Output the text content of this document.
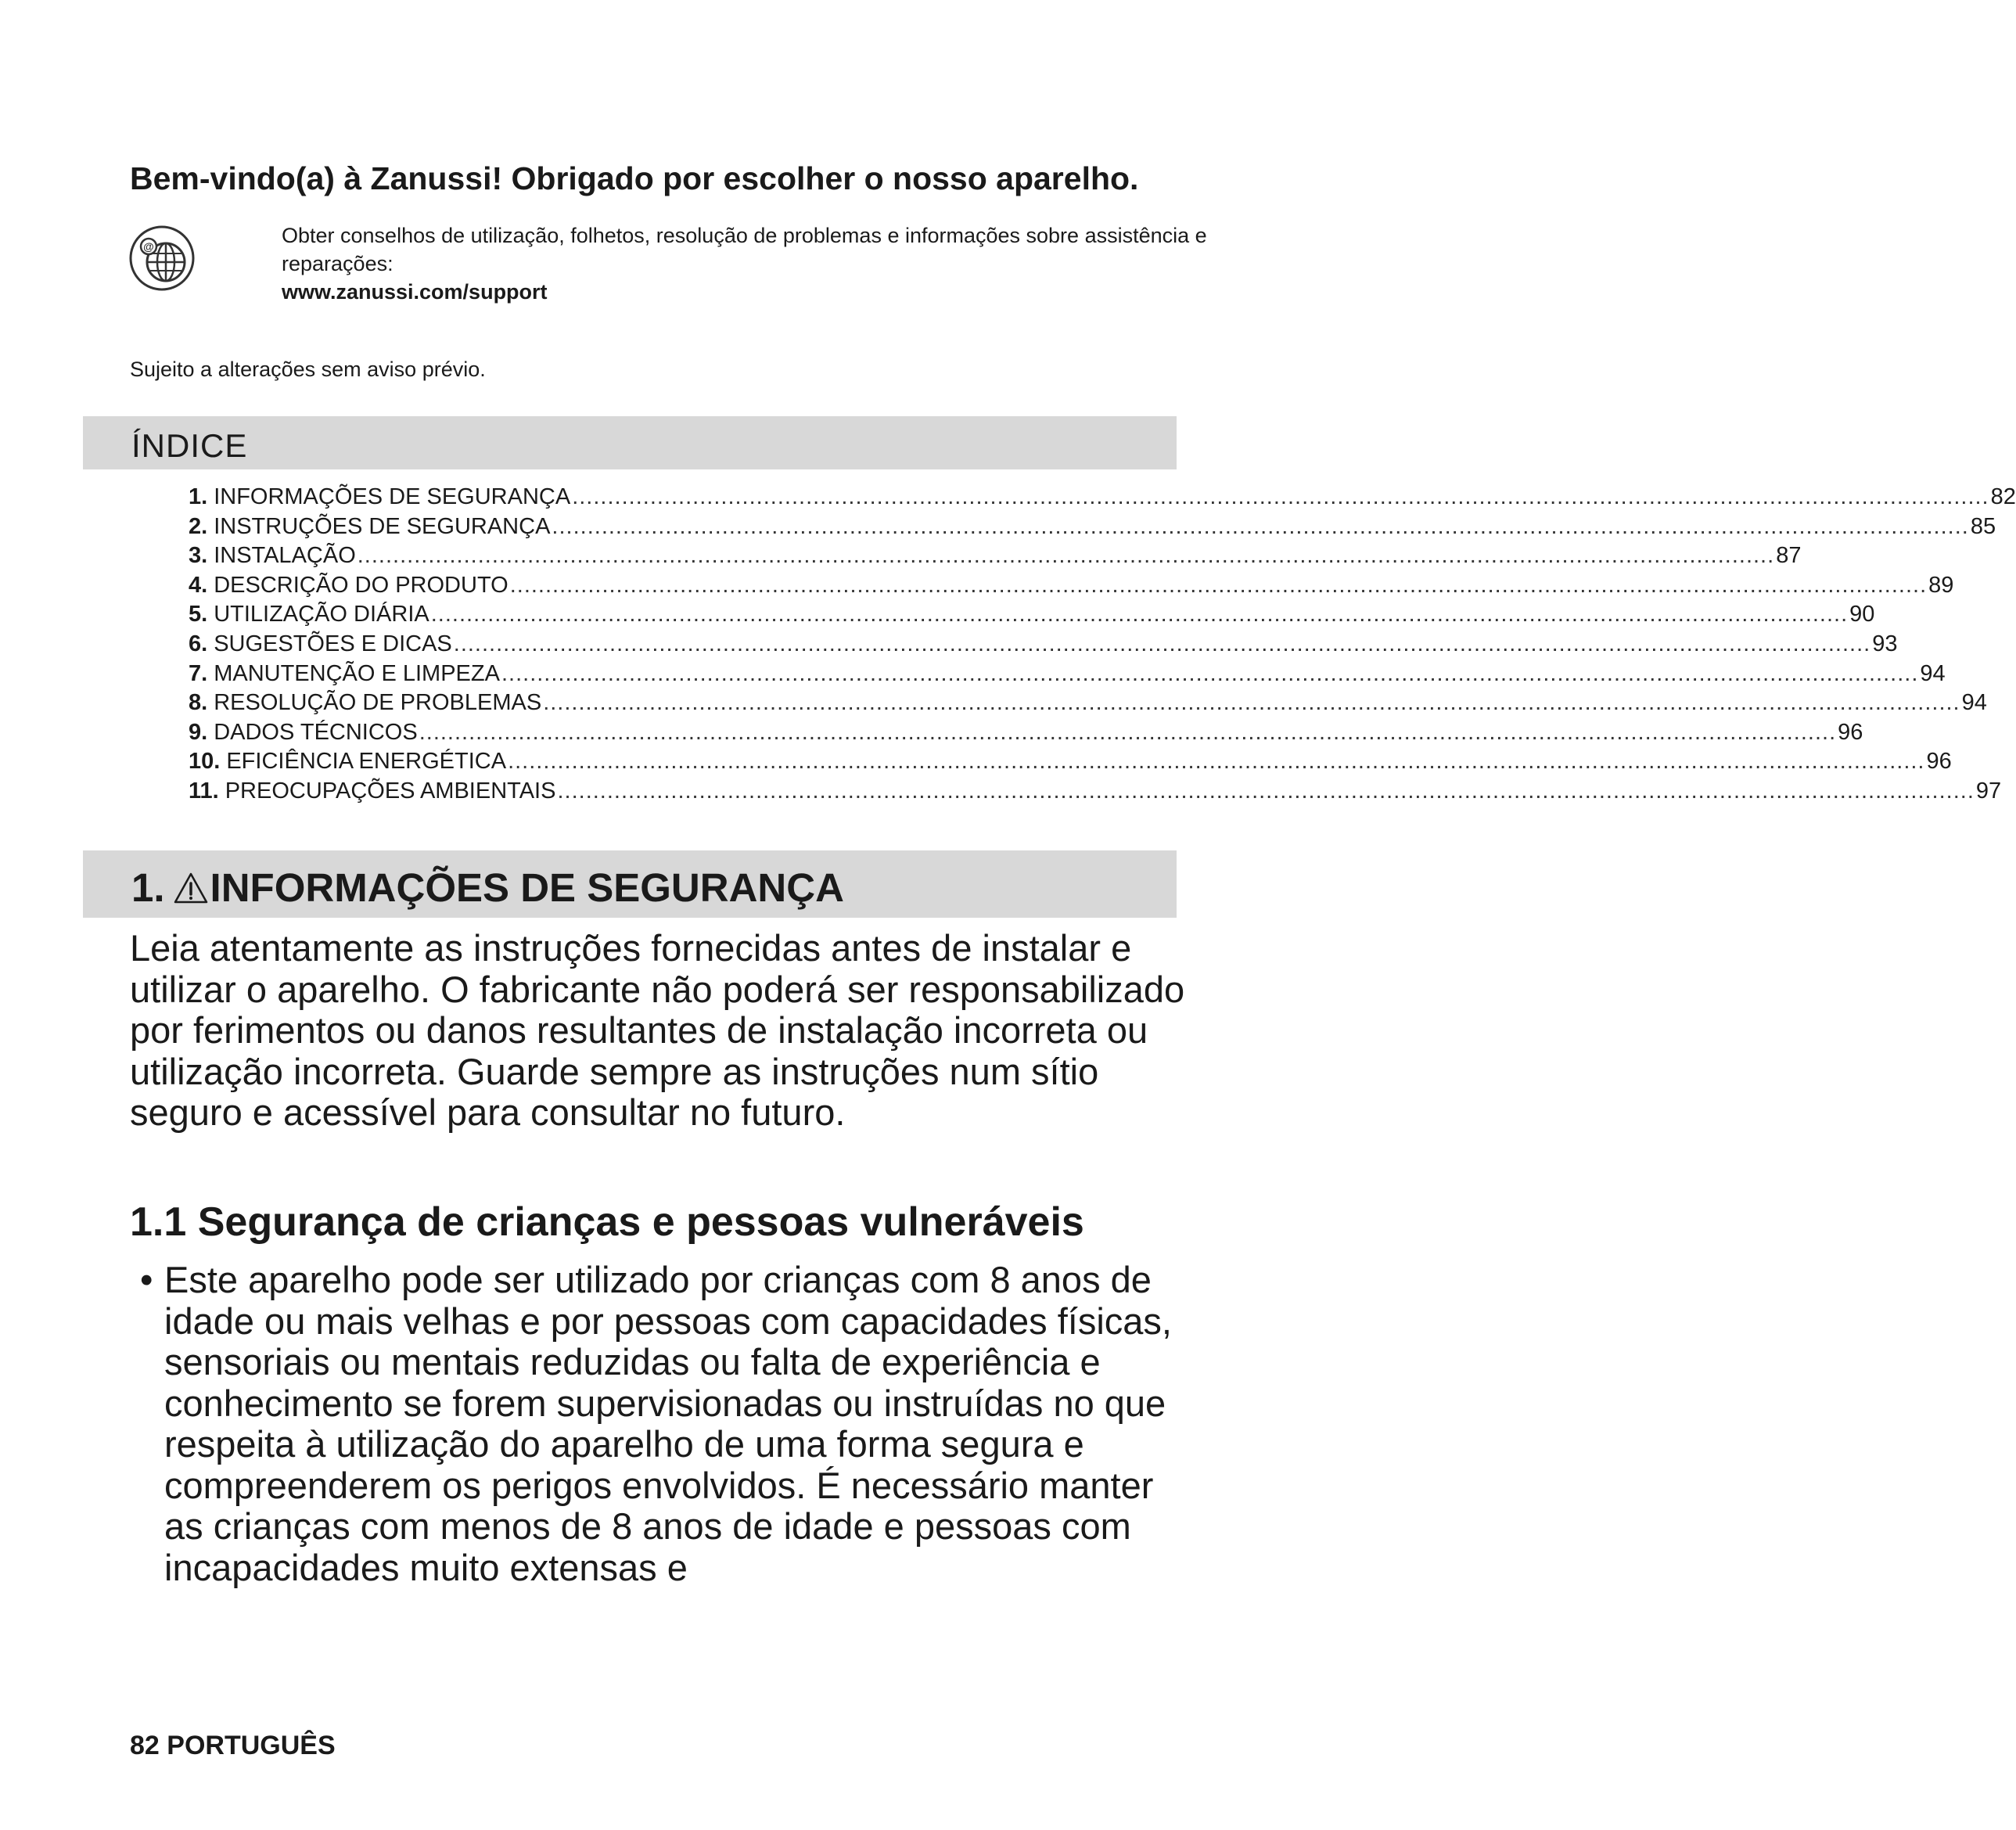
Bem-vindo(a) à Zanussi! Obrigado por escolher o nosso aparelho.
@	Obter conselhos de utilização, folhetos, resolução de problemas e informações sobre assistência e reparações:
www.zanussi.com/support
Sujeito a alterações sem aviso prévio.
ÍNDICE
1. INFORMAÇÕES DE SEGURANÇA ........................................................................................................................................................................................................ 82
2. INSTRUÇÕES DE SEGURANÇA ........................................................................................................................................................................................................ 85
3. INSTALAÇÃO ........................................................................................................................................................................................................ 87
4. DESCRIÇÃO DO PRODUTO ........................................................................................................................................................................................................ 89
5. UTILIZAÇÃO DIÁRIA ........................................................................................................................................................................................................ 90
6. SUGESTÕES E DICAS ........................................................................................................................................................................................................ 93
7. MANUTENÇÃO E LIMPEZA ........................................................................................................................................................................................................ 94
8. RESOLUÇÃO DE PROBLEMAS ........................................................................................................................................................................................................ 94
9. DADOS TÉCNICOS ........................................................................................................................................................................................................ 96
10. EFICIÊNCIA ENERGÉTICA ........................................................................................................................................................................................................ 96
11. PREOCUPAÇÕES AMBIENTAIS ........................................................................................................................................................................................................ 97
1. INFORMAÇÕES DE SEGURANÇA

Leia atentamente as instruções fornecidas antes de instalar e utilizar o aparelho. O fabricante não poderá ser responsabilizado por ferimentos ou danos resultantes de instalação incorreta ou utilização incorreta. Guarde sempre as instruções num sítio seguro e acessível para consultar no futuro.

1.1 Segurança de crianças e pessoas vulneráveis
• Este aparelho pode ser utilizado por crianças com 8 anos de idade ou mais velhas e por pessoas com capacidades físicas, sensoriais ou mentais reduzidas ou falta de experiência e conhecimento se forem supervisionadas ou instruídas no que respeita à utilização do aparelho de uma forma segura e compreenderem os perigos envolvidos. É necessário manter as crianças com menos de 8 anos de idade e pessoas com incapacidades muito extensas e
82 PORTUGUÊS
